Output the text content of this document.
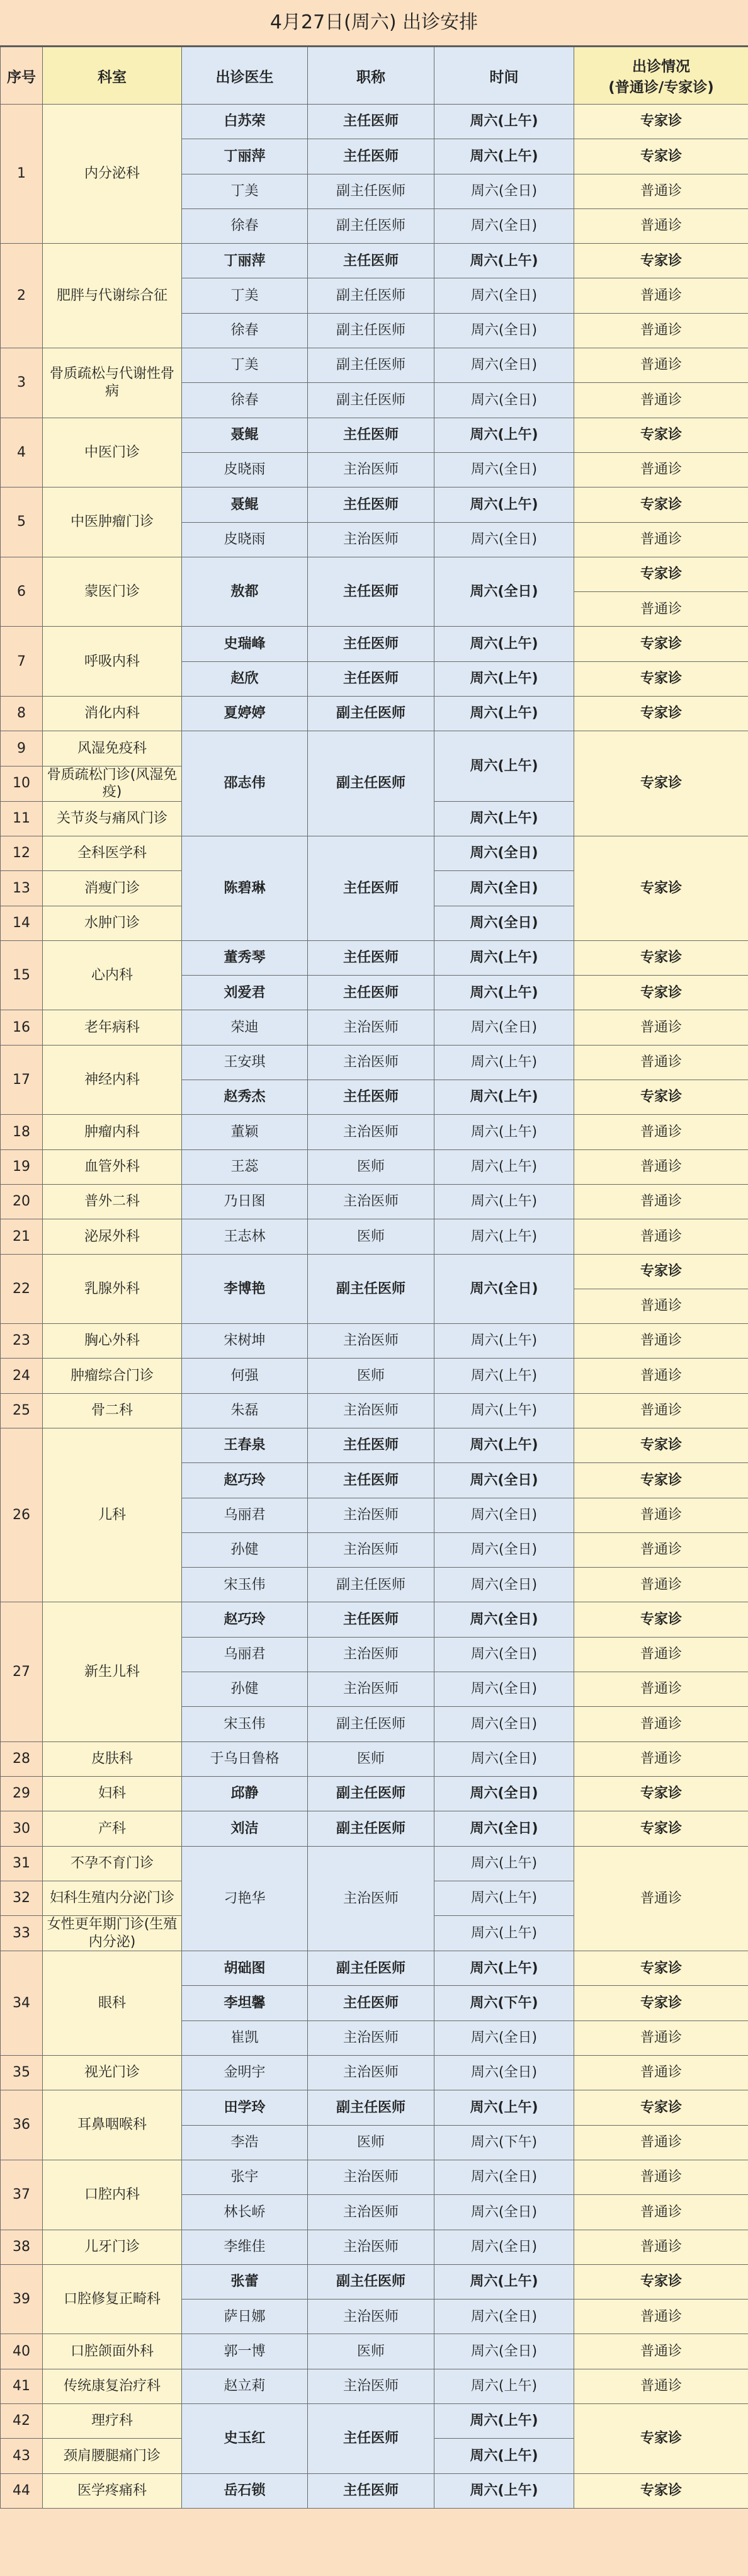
4月27日(周六) 出诊安排
序号	科室	出诊医生	职称	时间	出诊情况
(普通诊/专家诊)
1	内分泌科	白苏荣	主任医师	周六(上午)	专家诊
		丁丽萍	主任医师	周六(上午)	专家诊
		丁美	副主任医师	周六(全日)	普通诊
		徐春	副主任医师	周六(全日)	普通诊
2	肥胖与代谢综合征	丁丽萍	主任医师	周六(上午)	专家诊
		丁美	副主任医师	周六(全日)	普通诊
		徐春	副主任医师	周六(全日)	普通诊
3	骨质疏松与代谢性骨病	丁美	副主任医师	周六(全日)	普通诊
		徐春	副主任医师	周六(全日)	普通诊
4	中医门诊	聂鲲	主任医师	周六(上午)	专家诊
		皮晓雨	主治医师	周六(全日)	普通诊
5	中医肿瘤门诊	聂鲲	主任医师	周六(上午)	专家诊
		皮晓雨	主治医师	周六(全日)	普通诊
6	蒙医门诊	敖都	主任医师	周六(全日)	专家诊
					普通诊
7	呼吸内科	史瑞峰	主任医师	周六(上午)	专家诊
		赵欣	主任医师	周六(上午)	专家诊
8	消化内科	夏婷婷	副主任医师	周六(上午)	专家诊
9	风湿免疫科	邵志伟	副主任医师	周六(上午)	专家诊
10	骨质疏松门诊(风湿免疫)				
11	关节炎与痛风门诊			周六(上午)	
12	全科医学科	陈碧琳	主任医师	周六(全日)	专家诊
13	消瘦门诊			周六(全日)	
14	水肿门诊			周六(全日)	
15	心内科	董秀琴	主任医师	周六(上午)	专家诊
		刘爱君	主任医师	周六(上午)	专家诊
16	老年病科	荣迪	主治医师	周六(全日)	普通诊
17	神经内科	王安琪	主治医师	周六(上午)	普通诊
		赵秀杰	主任医师	周六(上午)	专家诊
18	肿瘤内科	董颖	主治医师	周六(上午)	普通诊
19	血管外科	王蕊	医师	周六(上午)	普通诊
20	普外二科	乃日图	主治医师	周六(上午)	普通诊
21	泌尿外科	王志林	医师	周六(上午)	普通诊
22	乳腺外科	李博艳	副主任医师	周六(全日)	专家诊
					普通诊
23	胸心外科	宋树坤	主治医师	周六(上午)	普通诊
24	肿瘤综合门诊	何强	医师	周六(上午)	普通诊
25	骨二科	朱磊	主治医师	周六(上午)	普通诊
26	儿科	王春泉	主任医师	周六(上午)	专家诊
		赵巧玲	主任医师	周六(全日)	专家诊
		乌丽君	主治医师	周六(全日)	普通诊
		孙健	主治医师	周六(全日)	普通诊
		宋玉伟	副主任医师	周六(全日)	普通诊
27	新生儿科	赵巧玲	主任医师	周六(全日)	专家诊
		乌丽君	主治医师	周六(全日)	普通诊
		孙健	主治医师	周六(全日)	普通诊
		宋玉伟	副主任医师	周六(全日)	普通诊
28	皮肤科	于乌日鲁格	医师	周六(全日)	普通诊
29	妇科	邱静	副主任医师	周六(全日)	专家诊
30	产科	刘洁	副主任医师	周六(全日)	专家诊
31	不孕不育门诊	刁艳华	主治医师	周六(上午)	普通诊
32	妇科生殖内分泌门诊			周六(上午)	
33	女性更年期门诊(生殖内分泌)			周六(上午)	
34	眼科	胡础图	副主任医师	周六(上午)	专家诊
		李坦馨	主任医师	周六(下午)	专家诊
		崔凯	主治医师	周六(全日)	普通诊
35	视光门诊	金明宇	主治医师	周六(全日)	普通诊
36	耳鼻咽喉科	田学玲	副主任医师	周六(上午)	专家诊
		李浩	医师	周六(下午)	普通诊
37	口腔内科	张宇	主治医师	周六(全日)	普通诊
		林长峤	主治医师	周六(全日)	普通诊
38	儿牙门诊	李维佳	主治医师	周六(全日)	普通诊
39	口腔修复正畸科	张蕾	副主任医师	周六(上午)	专家诊
		萨日娜	主治医师	周六(全日)	普通诊
40	口腔颌面外科	郭一博	医师	周六(全日)	普通诊
41	传统康复治疗科	赵立莉	主治医师	周六(上午)	普通诊
42	理疗科	史玉红	主任医师	周六(上午)	专家诊
43	颈肩腰腿痛门诊			周六(上午)	
44	医学疼痛科	岳石锁	主任医师	周六(上午)	专家诊
